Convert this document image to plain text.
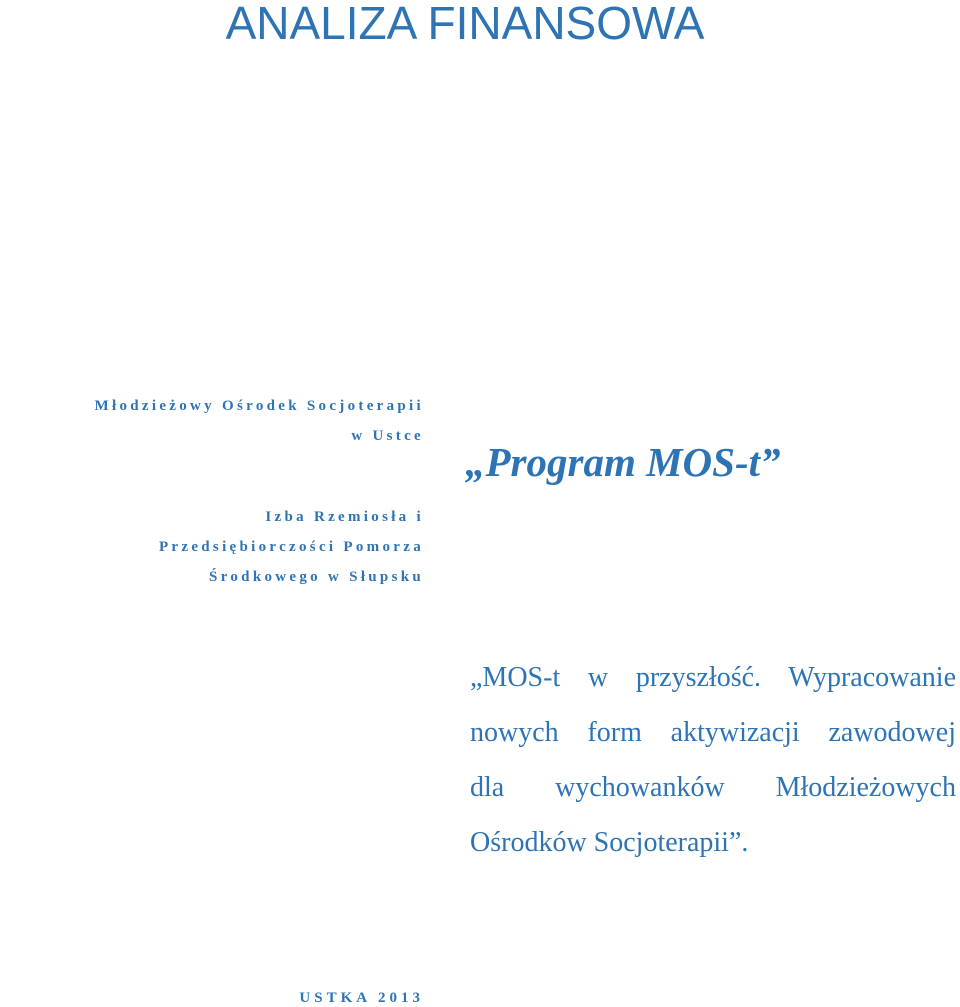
ANALIZA FINANSOWA

Młodzieżowy Ośrodek Socjoterapii

w Ustce

„Program MOS-t”

Izba Rzemiosła i

Przedsiębiorczości Pomorza

Środkowego w Słupsku

„MOS-t w przyszłość. Wypracowanie
nowych form aktywizacji zawodowej
dla wychowanków Młodzieżowych
Ośrodków Socjoterapii”.

USTKA 2013
